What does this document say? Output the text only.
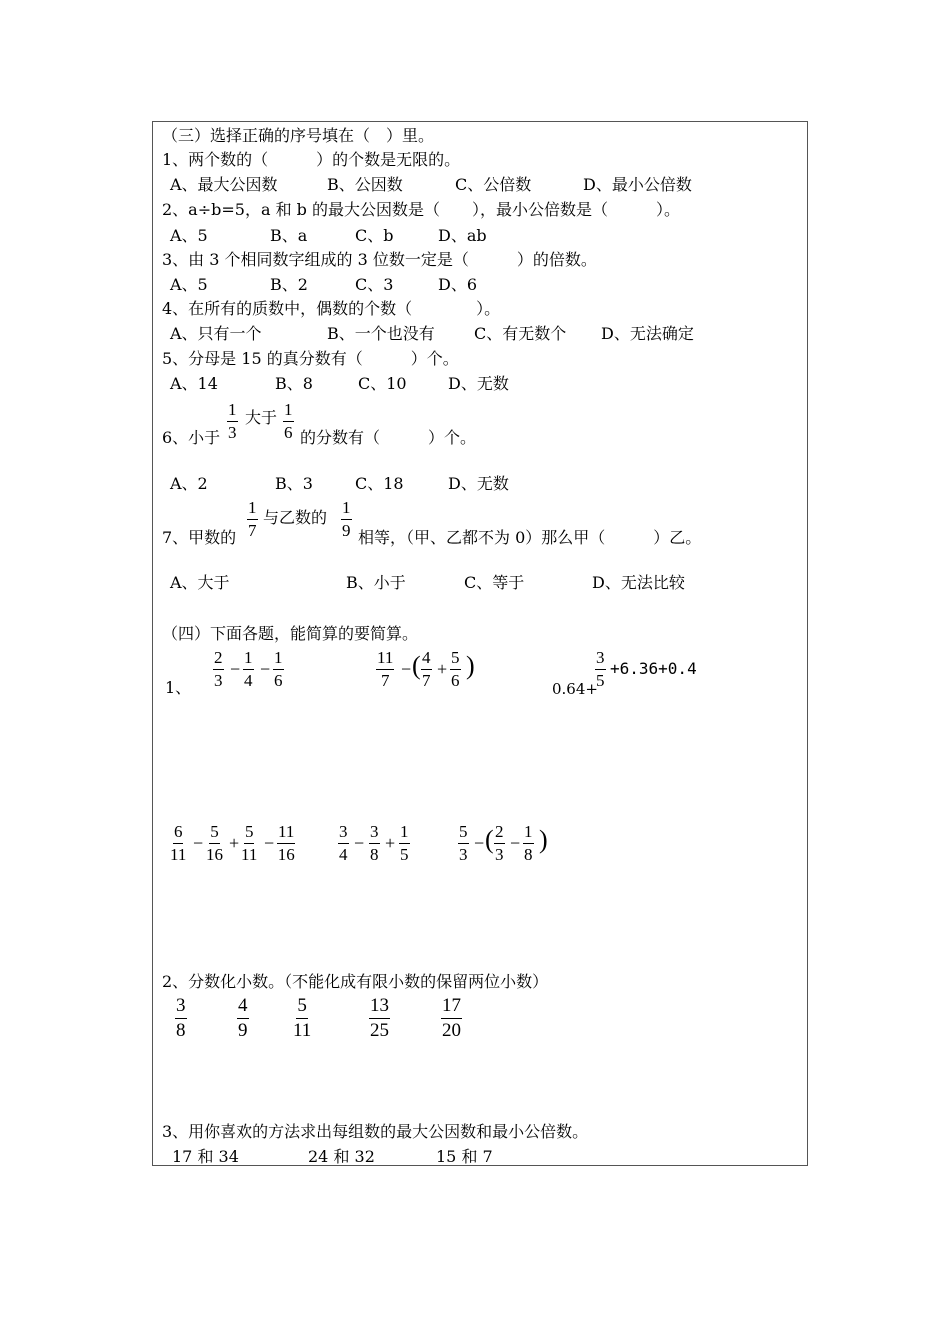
（三）选择正确的序号填在（　）里。
1、两个数的（　　　）的个数是无限的。
A、最大公因数	B、公因数	C、公倍数	D、最小公倍数
2、a÷b=5，a 和 b 的最大公因数是（　　），最小公倍数是（　　　）。
A、5	B、a	C、b	D、ab
3、由 3 个相同数字组成的 3 位数一定是（　　　）的倍数。
A、5	B、2	C、3	D、6
4、在所有的质数中，偶数的个数（　　　　）。
A、只有一个	B、一个也没有 C、有无数个 D、无法确定
5、分母是 15 的真分数有（　　　）个。
A、14	B、8	C、10	D、无数
6、小于 $\frac{1}{3}$ 大于 $\frac{1}{6}$ 的分数有（　　　）个。
A、2	B、3	C、18	D、无数
7、甲数的 $\frac{1}{7}$ 与乙数的 $\frac{1}{9}$ 相等，（甲、乙都不为 0）那么甲（　　　）乙。
A、大于	B、小于	C、等于	D、无法比较
（四）下面各题，能简算的要简算。
1、 $\frac{2}{3} - \frac{1}{4} - \frac{1}{6}$	$\frac{11}{7}$ − ( $\frac{4}{7} + \frac{5}{6}$ )
0.64+
$\frac{3}{5} +6.36+0.4$
$\frac{6}{11} - \frac{5}{16} + \frac{5}{11} - \frac{11}{16}$	$\frac{3}{4} - \frac{3}{8} + \frac{1}{5}$	$\frac{5}{3}$ − ( $\frac{2}{3} - \frac{1}{8}$ )
2、分数化小数。（不能化成有限小数的保留两位小数）
$\frac{3}{8}$	$\frac{4}{9} \frac{5}{11}$	$\frac{13}{25}$	$\frac{17}{20}$
3、用你喜欢的方法求出每组数的最大公因数和最小公倍数。
17 和 34	24 和 32	15 和 7
